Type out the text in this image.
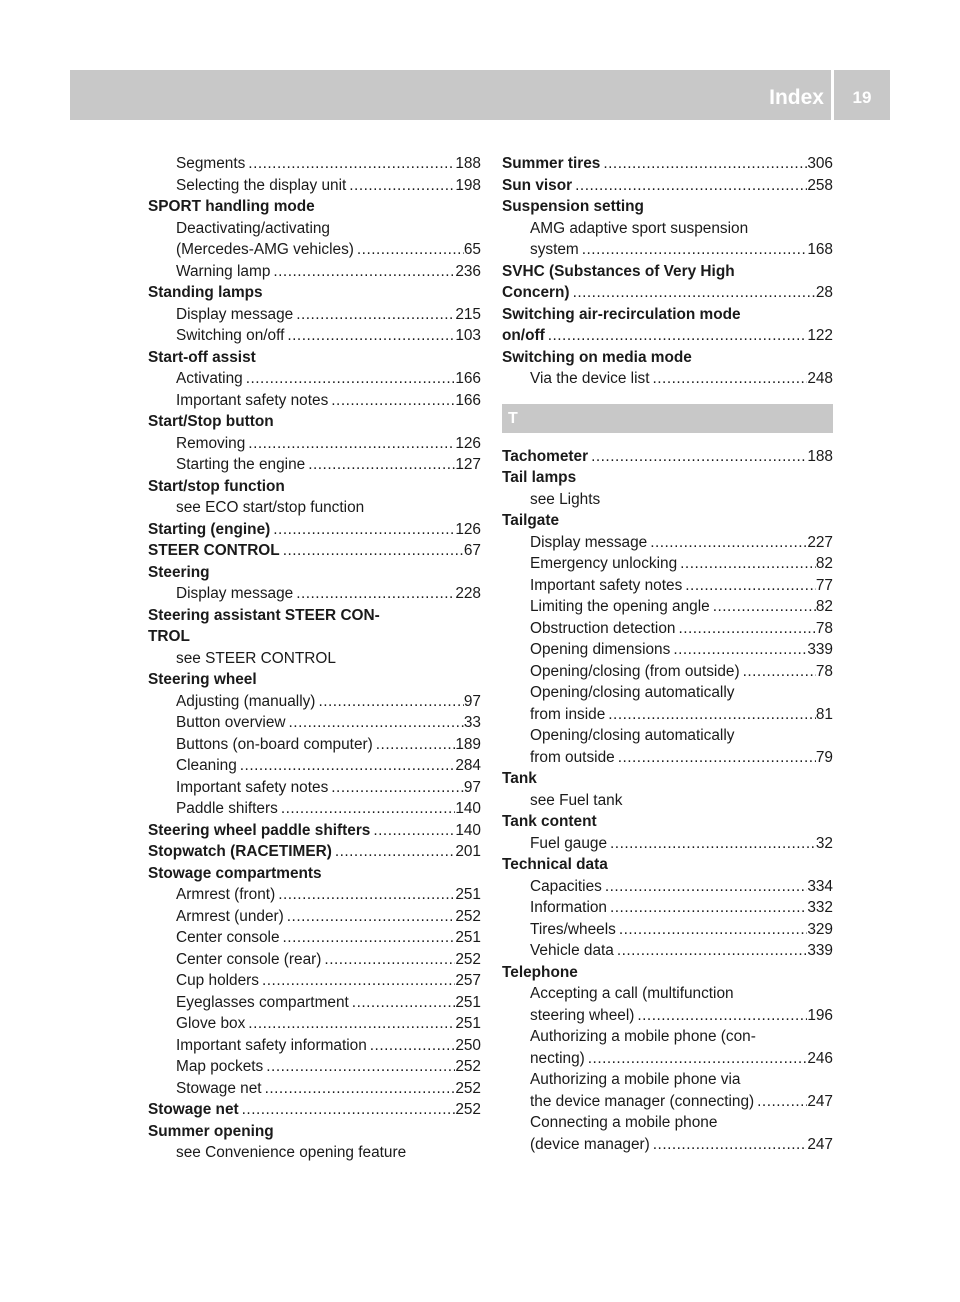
Index	19
Segments .....	188
Selecting the display unit .....	198
SPORT handling mode
Deactivating/activating
(Mercedes-AMG vehicles) .....	65
Warning lamp .....	236
Standing lamps
Display message .....	215
Switching on/off .....	103
Start-off assist
Activating .....	166
Important safety notes .....	166
Start/Stop button
Removing .....	126
Starting the engine .....	127
Start/stop function
see ECO start/stop function
Starting (engine) .....	126
STEER CONTROL .....	67
Steering
Display message .....	228
Steering assistant STEER CON-
TROL
see STEER CONTROL
Steering wheel
Adjusting (manually) .....	97
Button overview .....	33
Buttons (on-board computer) .....	189
Cleaning .....	284
Important safety notes .....	97
Paddle shifters .....	140
Steering wheel paddle shifters .....	140
Stopwatch (RACETIMER) .....	201
Stowage compartments
Armrest (front) .....	251
Armrest (under) .....	252
Center console .....	251
Center console (rear) .....	252
Cup holders .....	257
Eyeglasses compartment .....	251
Glove box .....	251
Important safety information .....	250
Map pockets .....	252
Stowage net .....	252
Stowage net .....	252
Summer opening
see Convenience opening feature
Summer tires .....	306
Sun visor .....	258
Suspension setting
AMG adaptive sport suspension
system .....	168
SVHC (Substances of Very High
Concern) .....	28
Switching air-recirculation mode
on/off .....	122
Switching on media mode
Via the device list .....	248
T
Tachometer .....	188
Tail lamps
see Lights
Tailgate
Display message .....	227
Emergency unlocking .....	82
Important safety notes .....	77
Limiting the opening angle .....	82
Obstruction detection .....	78
Opening dimensions .....	339
Opening/closing (from outside) .....	78
Opening/closing automatically
from inside .....	81
Opening/closing automatically
from outside .....	79
Tank
see Fuel tank
Tank content
Fuel gauge .....	32
Technical data
Capacities .....	334
Information .....	332
Tires/wheels .....	329
Vehicle data .....	339
Telephone
Accepting a call (multifunction
steering wheel) .....	196
Authorizing a mobile phone (con-
necting) .....	246
Authorizing a mobile phone via
the device manager (connecting) .....	247
Connecting a mobile phone
(device manager) .....	247
